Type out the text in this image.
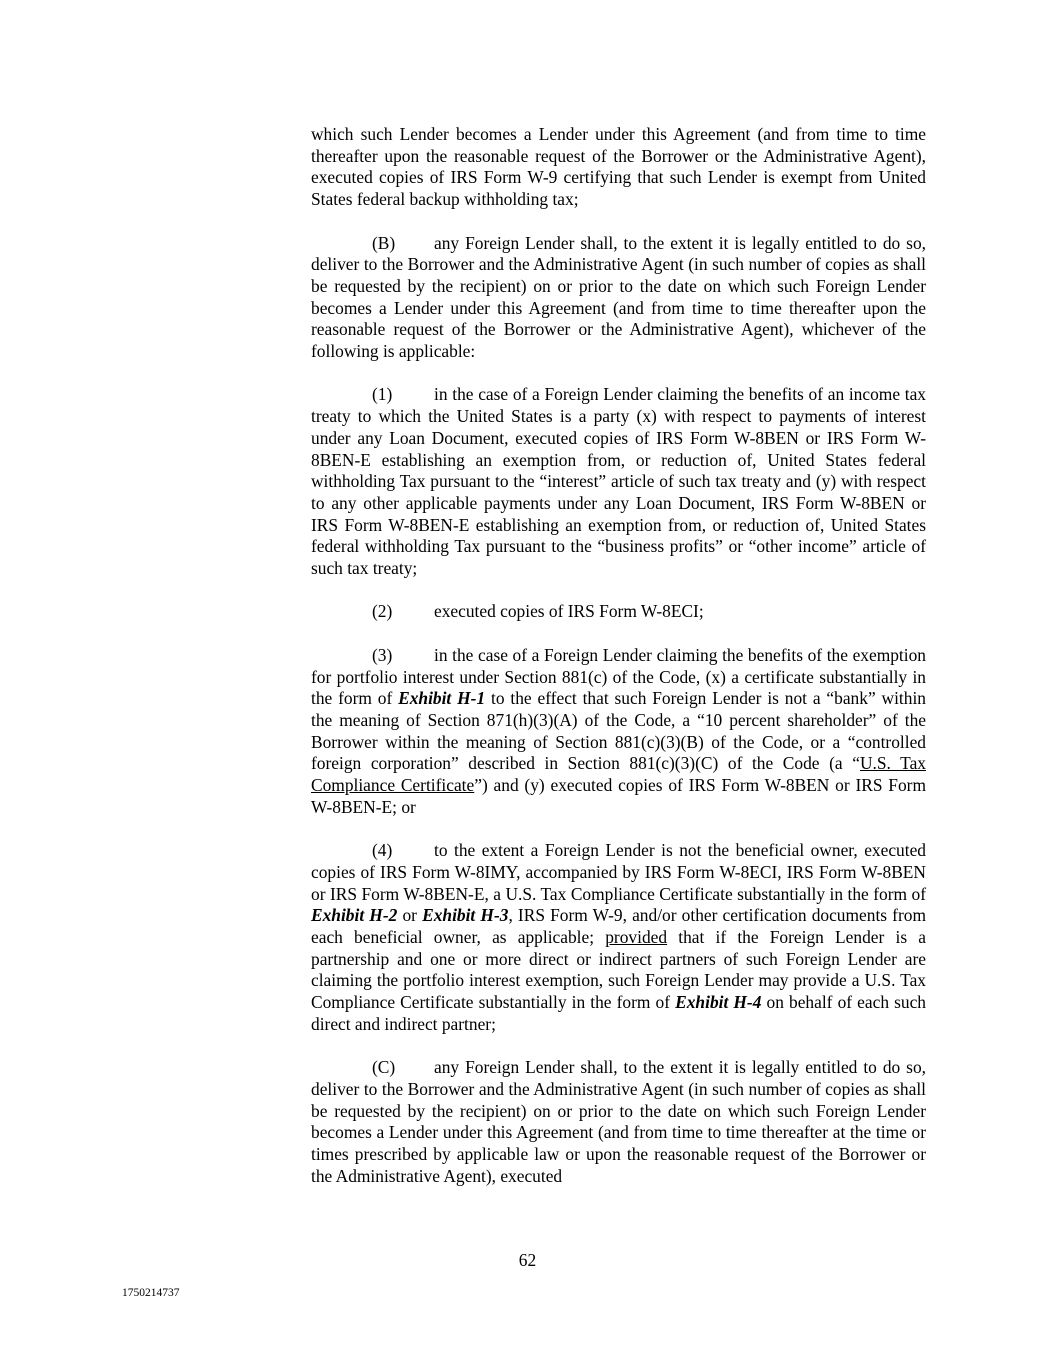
which such Lender becomes a Lender under this Agreement (and from time to time thereafter upon the reasonable request of the Borrower or the Administrative Agent), executed copies of IRS Form W-9 certifying that such Lender is exempt from United States federal backup withholding tax;

(B) any Foreign Lender shall, to the extent it is legally entitled to do so, deliver to the Borrower and the Administrative Agent (in such number of copies as shall be requested by the recipient) on or prior to the date on which such Foreign Lender becomes a Lender under this Agreement (and from time to time thereafter upon the reasonable request of the Borrower or the Administrative Agent), whichever of the following is applicable:

(1) in the case of a Foreign Lender claiming the benefits of an income tax treaty to which the United States is a party (x) with respect to payments of interest under any Loan Document, executed copies of IRS Form W-8BEN or IRS Form W-8BEN-E establishing an exemption from, or reduction of, United States federal withholding Tax pursuant to the “interest” article of such tax treaty and (y) with respect to any other applicable payments under any Loan Document, IRS Form W-8BEN or IRS Form W-8BEN-E establishing an exemption from, or reduction of, United States federal withholding Tax pursuant to the “business profits” or “other income” article of such tax treaty;

(2) executed copies of IRS Form W-8ECI;

(3) in the case of a Foreign Lender claiming the benefits of the exemption for portfolio interest under Section 881(c) of the Code, (x) a certificate substantially in the form of Exhibit H-1 to the effect that such Foreign Lender is not a “bank” within the meaning of Section 871(h)(3)(A) of the Code, a “10 percent shareholder” of the Borrower within the meaning of Section 881(c)(3)(B) of the Code, or a “controlled foreign corporation” described in Section 881(c)(3)(C) of the Code (a “U.S. Tax Compliance Certificate”) and (y) executed copies of IRS Form W-8BEN or IRS Form W-8BEN-E; or

(4) to the extent a Foreign Lender is not the beneficial owner, executed copies of IRS Form W-8IMY, accompanied by IRS Form W-8ECI, IRS Form W-8BEN or IRS Form W-8BEN-E, a U.S. Tax Compliance Certificate substantially in the form of Exhibit H-2 or Exhibit H-3, IRS Form W-9, and/or other certification documents from each beneficial owner, as applicable; provided that if the Foreign Lender is a partnership and one or more direct or indirect partners of such Foreign Lender are claiming the portfolio interest exemption, such Foreign Lender may provide a U.S. Tax Compliance Certificate substantially in the form of Exhibit H-4 on behalf of each such direct and indirect partner;

(C) any Foreign Lender shall, to the extent it is legally entitled to do so, deliver to the Borrower and the Administrative Agent (in such number of copies as shall be requested by the recipient) on or prior to the date on which such Foreign Lender becomes a Lender under this Agreement (and from time to time thereafter at the time or times prescribed by applicable law or upon the reasonable request of the Borrower or the Administrative Agent), executed

62
1750214737
